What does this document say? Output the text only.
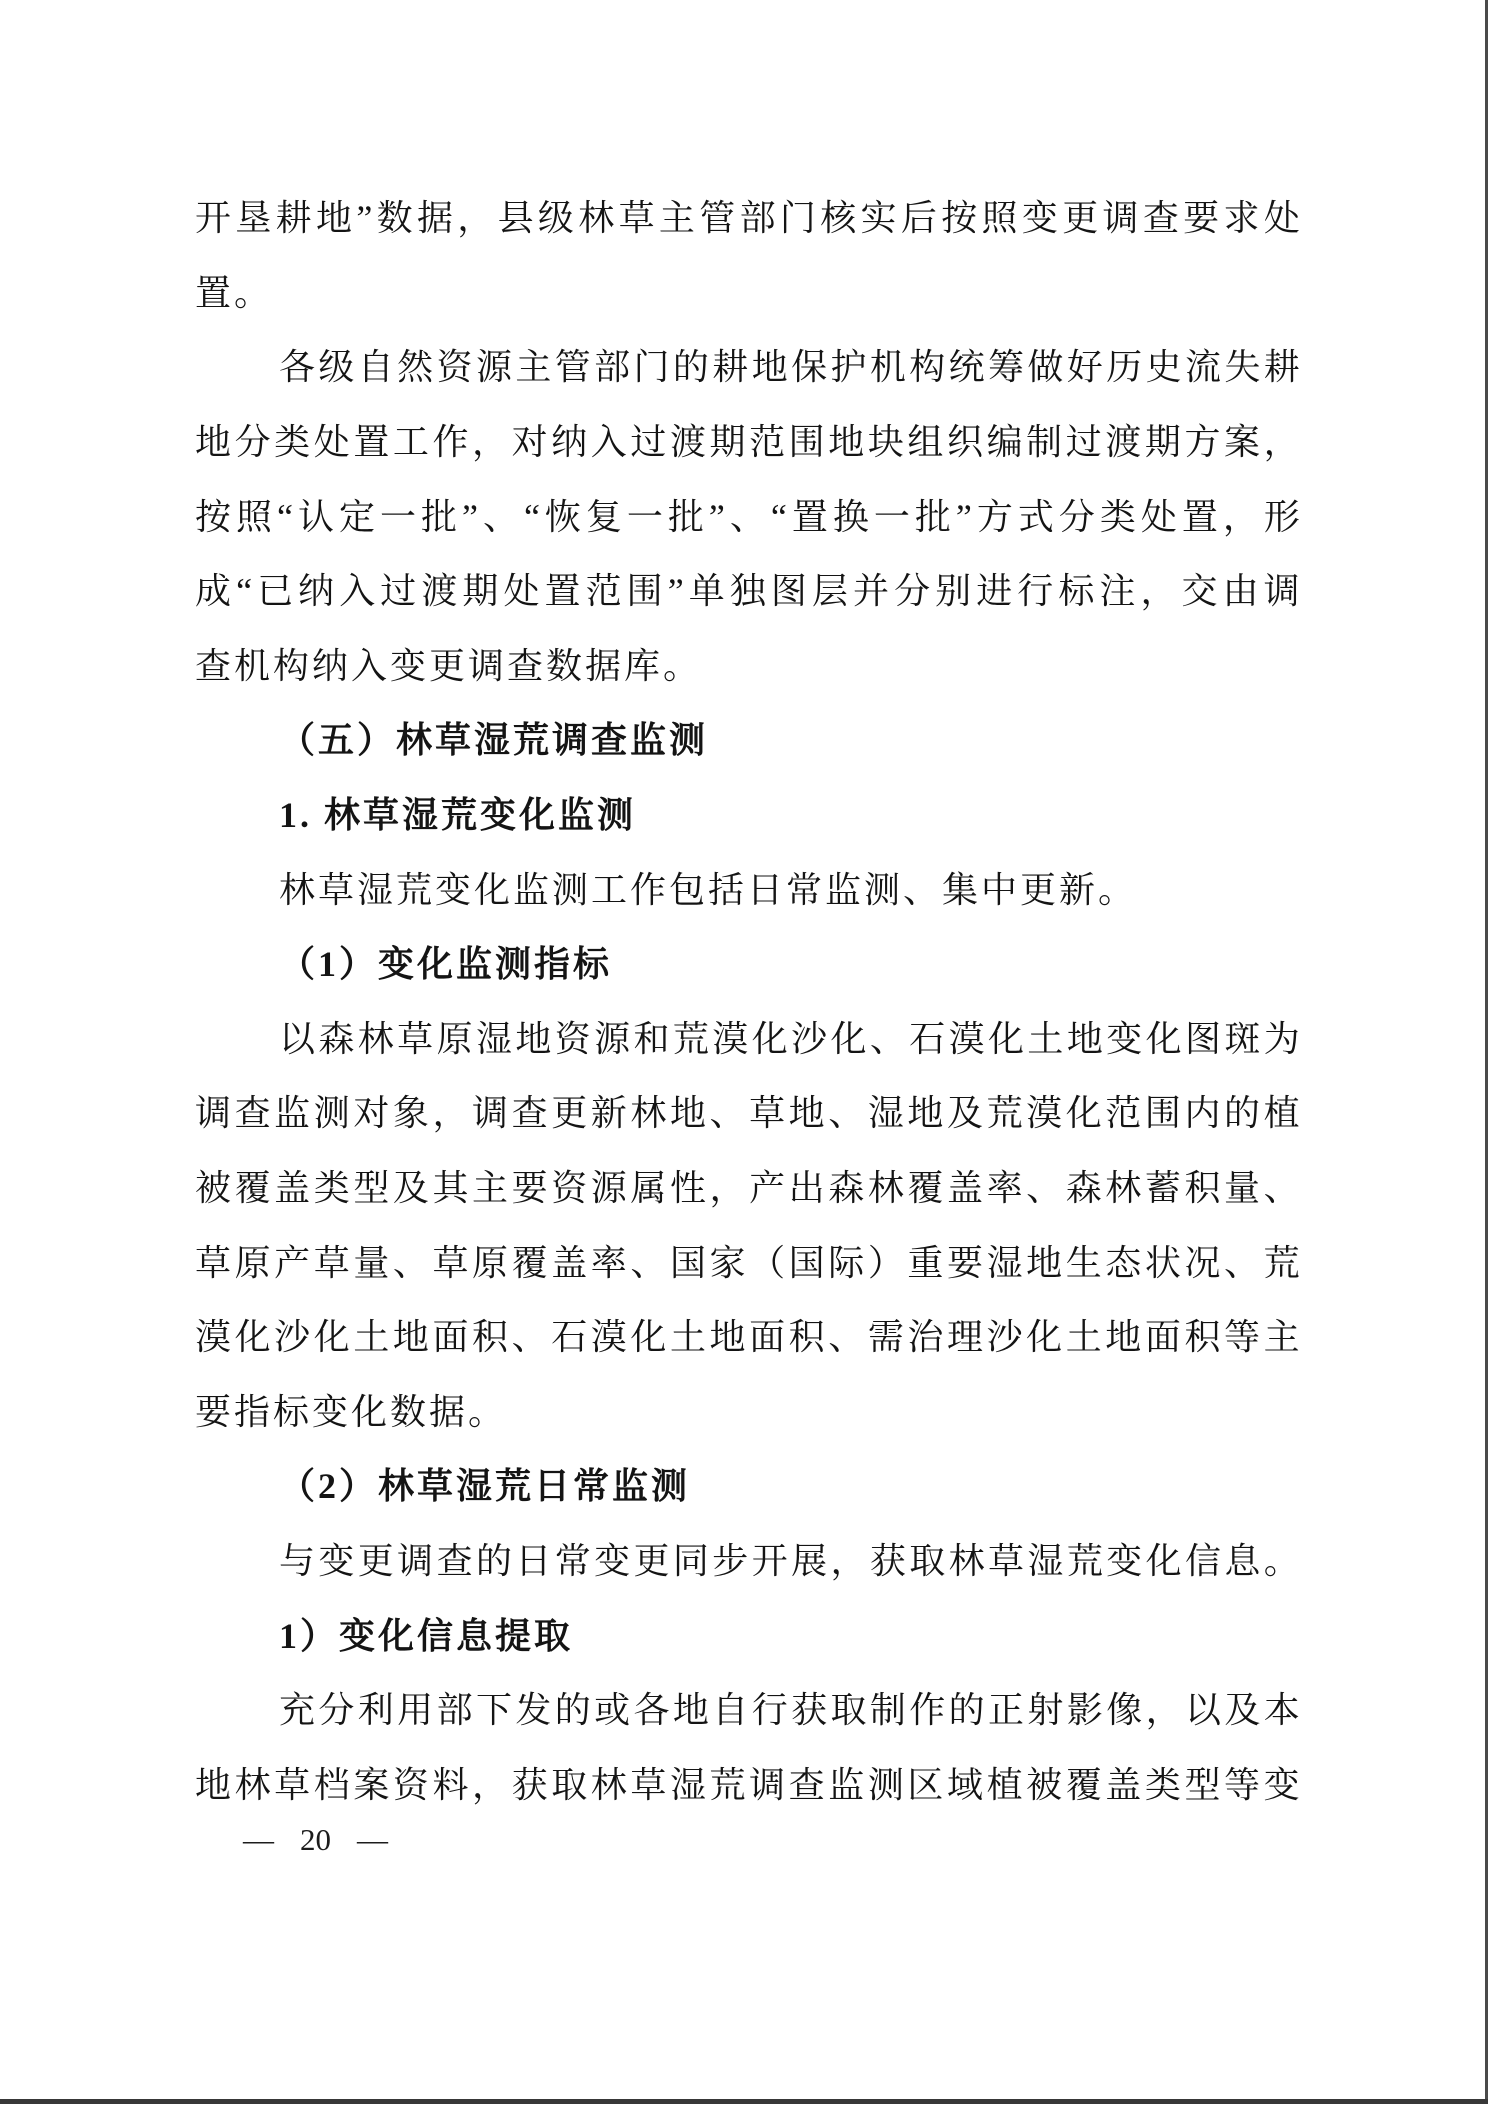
开 垦 耕 地 ” 数 据 ， 县 级 林 草 主 管 部 门 核 实 后 按 照 变 更 调 查 要 求 处
置。
各 级 自 然 资 源 主 管 部 门 的 耕 地 保 护 机 构 统 筹 做 好 历 史 流 失 耕
地 分 类 处 置 工 作 ， 对 纳 入 过 渡 期 范 围 地 块 组 织 编 制 过 渡 期 方 案 ，
按 照 “ 认 定 一 批 ” 、 “ 恢 复 一 批 ” 、 “ 置 换 一 批 ” 方 式 分 类 处 置 ， 形
成 “ 已 纳 入 过 渡 期 处 置 范 围 ” 单 独 图 层 并 分 别 进 行 标 注 ， 交 由 调
查机构纳入变更调查数据库。
（五）林草湿荒调查监测
1. 林草湿荒变化监测
林草湿荒变化监测工作包括日常监测、集中更新。
（1）变化监测指标
以 森 林 草 原 湿 地 资 源 和 荒 漠 化 沙 化 、 石 漠 化 土 地 变 化 图 斑 为
调 查 监 测 对 象 ， 调 查 更 新 林 地 、 草 地 、 湿 地 及 荒 漠 化 范 围 内 的 植
被 覆 盖 类 型 及 其 主 要 资 源 属 性 ， 产 出 森 林 覆 盖 率 、 森 林 蓄 积 量 、
草 原 产 草 量 、 草 原 覆 盖 率 、 国 家 （ 国 际 ） 重 要 湿 地 生 态 状 况 、 荒
漠 化 沙 化 土 地 面 积 、 石 漠 化 土 地 面 积 、 需 治 理 沙 化 土 地 面 积 等 主
要指标变化数据。
（2）林草湿荒日常监测
与 变 更 调 查 的 日 常 变 更 同 步 开 展 ， 获 取 林 草 湿 荒 变 化 信 息 。
1）变化信息提取
充 分 利 用 部 下 发 的 或 各 地 自 行 获 取 制 作 的 正 射 影 像 ， 以 及 本
地 林 草 档 案 资 料 ， 获 取 林 草 湿 荒 调 查 监 测 区 域 植 被 覆 盖 类 型 等 变
— 20 —
